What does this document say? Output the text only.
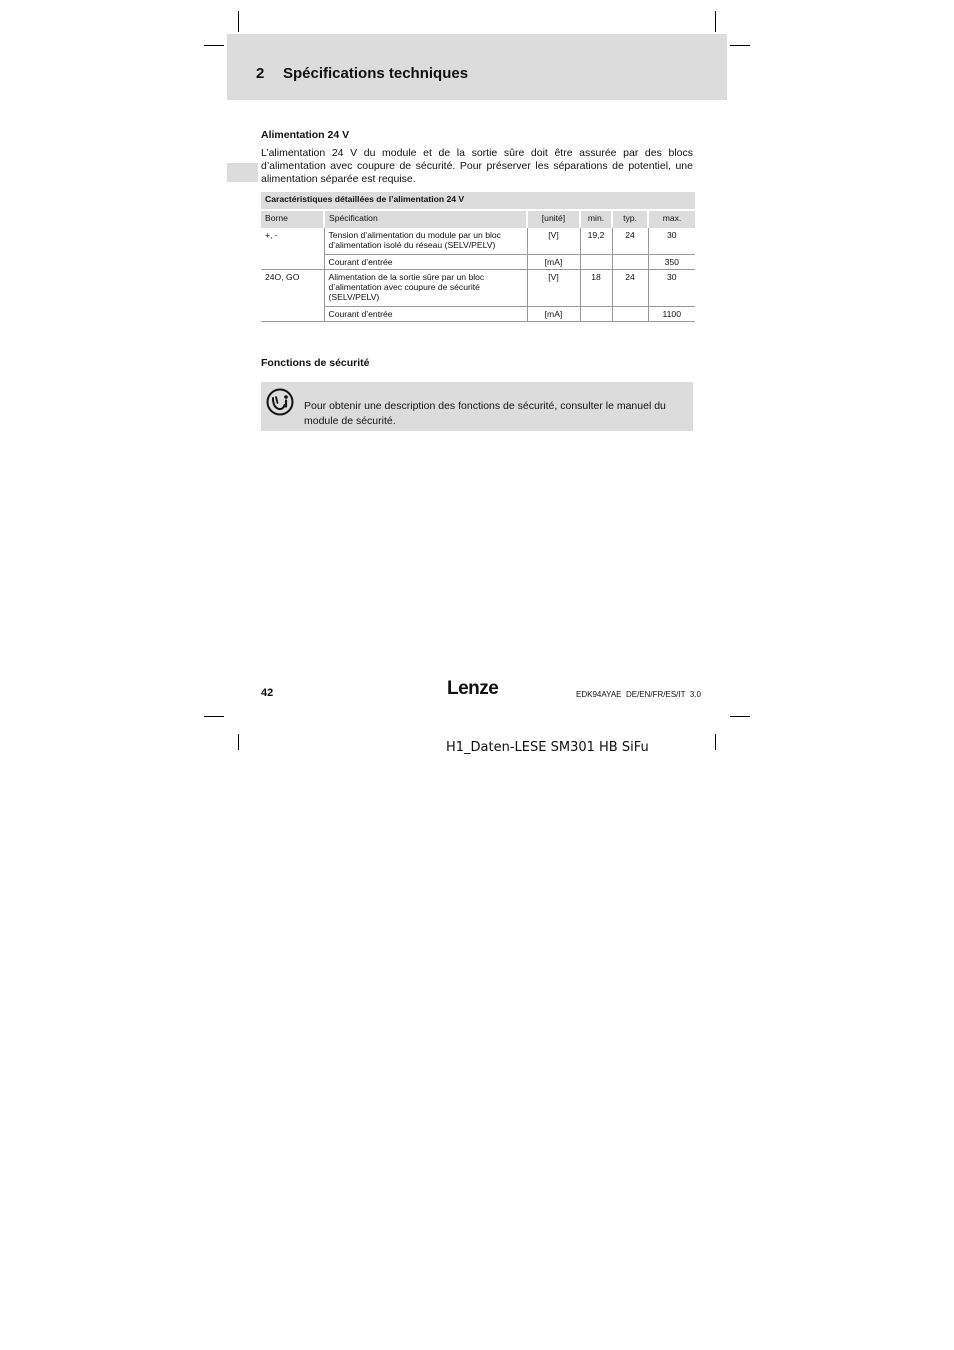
2 Spécifications techniques
Alimentation 24 V

L’alimentation 24 V du module et de la sortie sûre doit être assurée par des blocs d’alimentation avec coupure de sécurité. Pour préserver les séparations de potentiel, une alimentation séparée est requise.

Caractéristiques détaillées de l’alimentation 24 V					

Borne	Spécification	[unité]	min.	typ.	max.
+, -	Tension d’alimentation du module par un bloc d’alimentation isolé du réseau (SELV/PELV)	[V]	19,2	24	30
	Courant d’entrée	[mA]			350
24O, GO	Alimentation de la sortie sûre par un bloc d’alimentation avec coupure de sécurité (SELV/PELV)	[V]	18	24	30
	Courant d’entrée	[mA]			1100
Fonctions de sécurité

Pour obtenir une description des fonctions de sécurité, consulter le manuel du module de sécurité.

42	Lenze	EDK94AYAE  DE/EN/FR/ES/IT  3.0
H1_Daten-LESE SM301 HB SiFu
